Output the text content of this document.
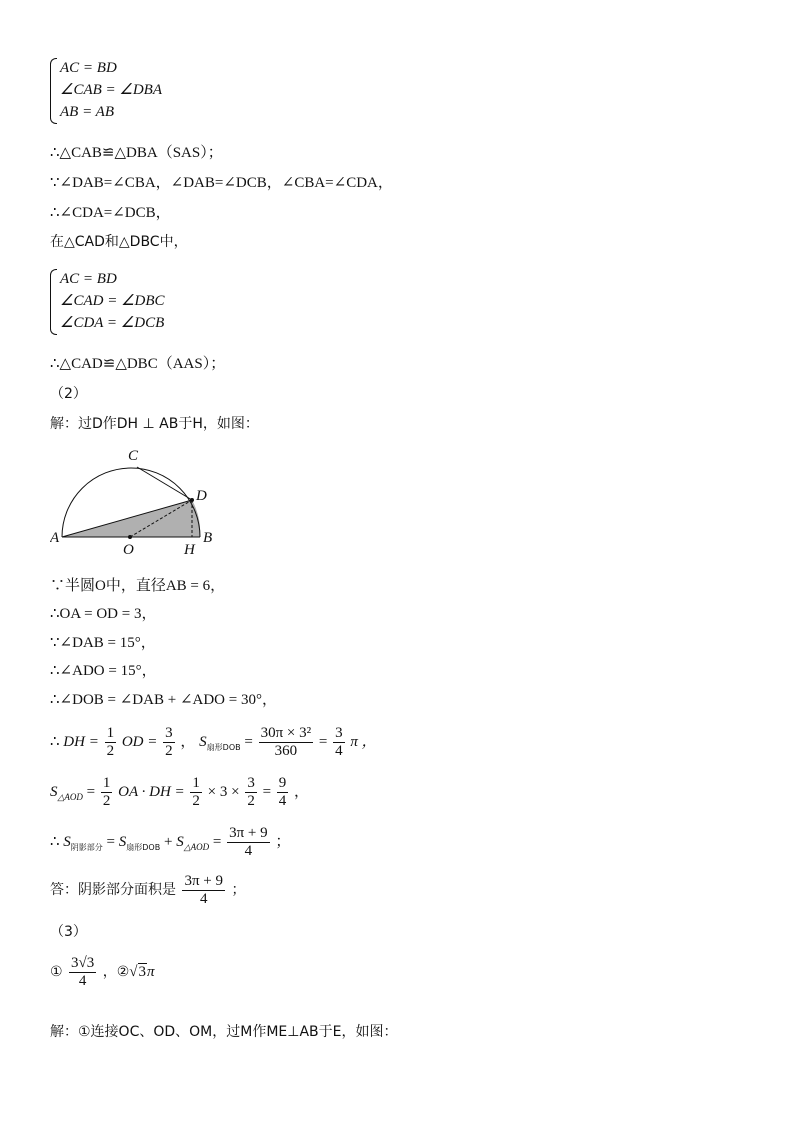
AC = BD
∠CAB = ∠DBA
AB = AB
∴△CAB≌△DBA（SAS）；
∵∠DAB=∠CBA，∠DAB=∠DCB，∠CBA=∠CDA，
∴∠CDA=∠DCB，
在△CAD和△DBC中，
AC = BD
∠CAD = ∠DBC
∠CDA = ∠DCB
∴△CAD≌△DBC（AAS）；
（2）
解：过D作DH ⊥ AB于H，如图：
C
D
A	B
O	H
∵半圆O中，直径AB = 6，
∴OA = OD = 3，
∵∠DAB = 15°，
∴∠ADO = 15°，
∴∠DOB = ∠DAB + ∠ADO = 30°，
∴ DH = $\frac{1}{2}$ OD = $\frac{3}{2}$ ， $S_{扇形DOB} = \frac{\text{30π × 3²}}{360} = \frac{3}{4}$ π ，
$S_{\triangle AOD} = \frac{1}{2}$ OA · DH = $\frac{1}{2} \times 3 \times \frac{3}{2} = \frac{9}{4}$ ，
∴ $S_{阴影部分} = S_{扇形DOB} + S_{\triangle AOD} = \frac{3\pi + 9}{4}$ ；
答：阴影部分面积是 $\frac{3\pi + 9}{4}$ ；
（3）
① $\frac{3√3}{4}$ ，②√3π
解：①连接OC、OD、OM，过M作ME⊥AB于E，如图：
